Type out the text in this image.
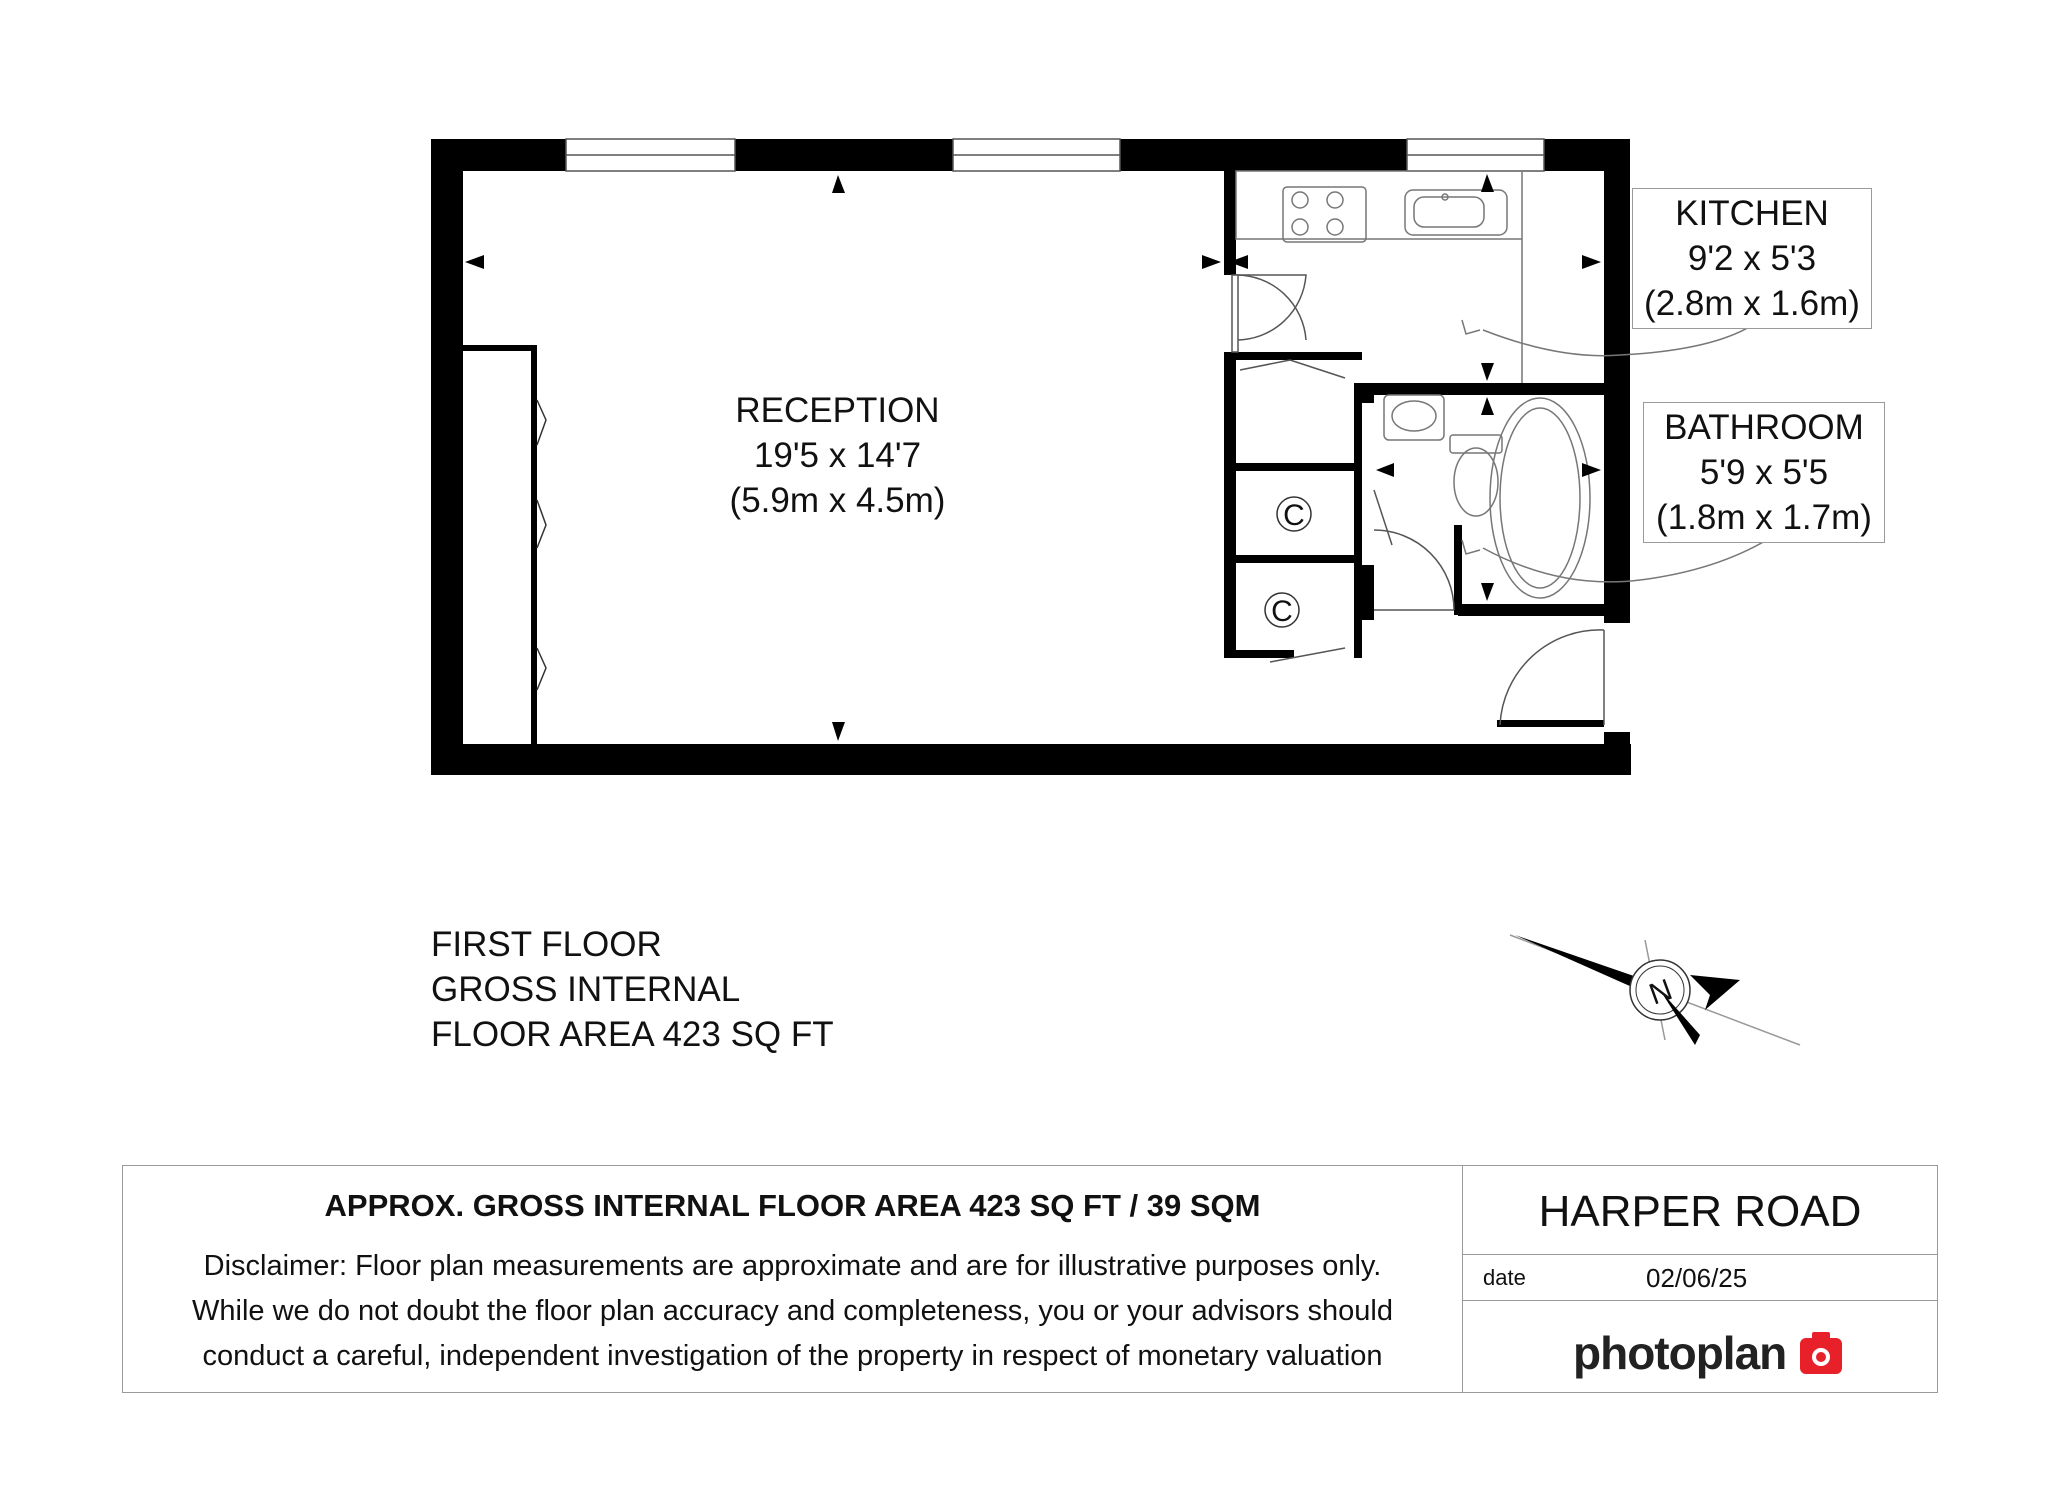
C
C
N
RECEPTION
19'5 x 14'7
(5.9m x 4.5m)
KITCHEN
9'2 x 5'3
(2.8m x 1.6m)
BATHROOM
5'9 x 5'5
(1.8m x 1.7m)
FIRST FLOOR
GROSS INTERNAL
FLOOR AREA 423 SQ FT
APPROX. GROSS INTERNAL FLOOR AREA 423 SQ FT / 39 SQM
Disclaimer: Floor plan measurements are approximate and are for illustrative purposes only.
While we do not doubt the floor plan accuracy and completeness, you or your advisors should
conduct a careful, independent investigation of the property in respect of monetary valuation
HARPER ROAD
date	02/06/25
photoplan
